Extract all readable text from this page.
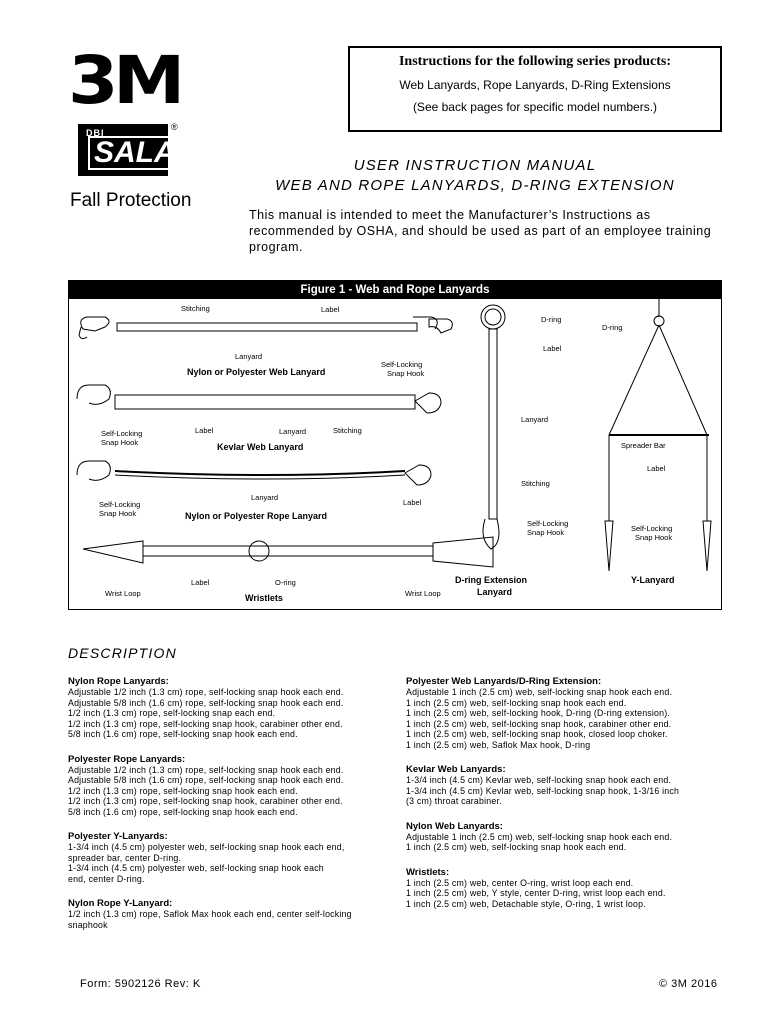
3M
DBI
SALA
®
Fall Protection
Instructions for the following series products:
Web Lanyards, Rope Lanyards, D-Ring Extensions
(See back pages for specific model numbers.)
USER INSTRUCTION MANUAL
WEB AND ROPE LANYARDS, D-RING EXTENSION
This manual is intended to meet the Manufacturer’s Instructions as recommended by OSHA, and should be used as part of an employee training program.
Figure 1 - Web and Rope Lanyards
Stitching	Label
Lanyard
Self-Locking
Snap Hook
Nylon or Polyester Web Lanyard
Self-Locking
Snap Hook
Label	Lanyard	Stitching
Kevlar Web Lanyard
Self-Locking
Snap Hook
Lanyard
Label
Nylon or Polyester Rope Lanyard
Wrist Loop
Label	O-ring
Wrist Loop
Wristlets
D-ring
Label
Lanyard
Stitching
Self-Locking
Snap Hook
D-ring Extension
Lanyard
D-ring
Spreader Bar
Label
Self-Locking
Snap Hook
Y-Lanyard
DESCRIPTION
Nylon Rope Lanyards:
Adjustable 1/2 inch (1.3 cm) rope, self-locking snap hook each end.
Adjustable 5/8 inch (1.6 cm) rope, self-locking snap hook each end.
1/2 inch (1.3 cm) rope, self-locking snap each end.
1/2 inch (1.3 cm) rope, self-locking snap hook, carabiner other end.
5/8 inch (1.6 cm) rope, self-locking snap hook each end.
Polyester Rope Lanyards:
Adjustable 1/2 inch (1.3 cm) rope, self-locking snap hook each end.
Adjustable 5/8 inch (1.6 cm) rope, self-locking snap hook each end.
1/2 inch (1.3 cm) rope, self-locking snap hook each end.
1/2 inch (1.3 cm) rope, self-locking snap hook, carabiner other end.
5/8 inch (1.6 cm) rope, self-locking snap hook each end.
Polyester Y-Lanyards:
1-3/4 inch (4.5 cm) polyester web, self-locking snap hook each end,
spreader bar, center D-ring.
1-3/4 inch (4.5 cm) polyester web, self-locking snap hook each
end, center D-ring.
Nylon Rope Y-Lanyard:
1/2 inch (1.3 cm) rope, Saflok Max hook each end, center self-locking
snaphook
Polyester Web Lanyards/D-Ring Extension:
Adjustable 1 inch (2.5 cm) web, self-locking snap hook each end.
1 inch (2.5 cm) web, self-locking snap hook each end.
1 inch (2.5 cm) web, self-locking hook, D-ring (D-ring extension).
1 inch (2.5 cm) web, self-locking snap hook, carabiner other end.
1 inch (2.5 cm) web, self-locking snap hook, closed loop choker.
1 inch (2.5 cm) web, Saflok Max hook, D-ring
Kevlar Web Lanyards:
1-3/4 inch (4.5 cm) Kevlar web, self-locking snap hook each end.
1-3/4 inch (4.5 cm) Kevlar web, self-locking snap hook, 1-3/16 inch
(3 cm) throat carabiner.
Nylon Web Lanyards:
Adjustable 1 inch (2.5 cm) web, self-locking snap hook each end.
1 inch (2.5 cm) web, self-locking snap hook each end.
Wristlets:
1 inch (2.5 cm) web, center O-ring, wrist loop each end.
1 inch (2.5 cm) web, Y style, center D-ring, wrist loop each end.
1 inch (2.5 cm) web, Detachable style, O-ring, 1 wrist loop.
Form: 5902126 Rev: K	© 3M 2016
